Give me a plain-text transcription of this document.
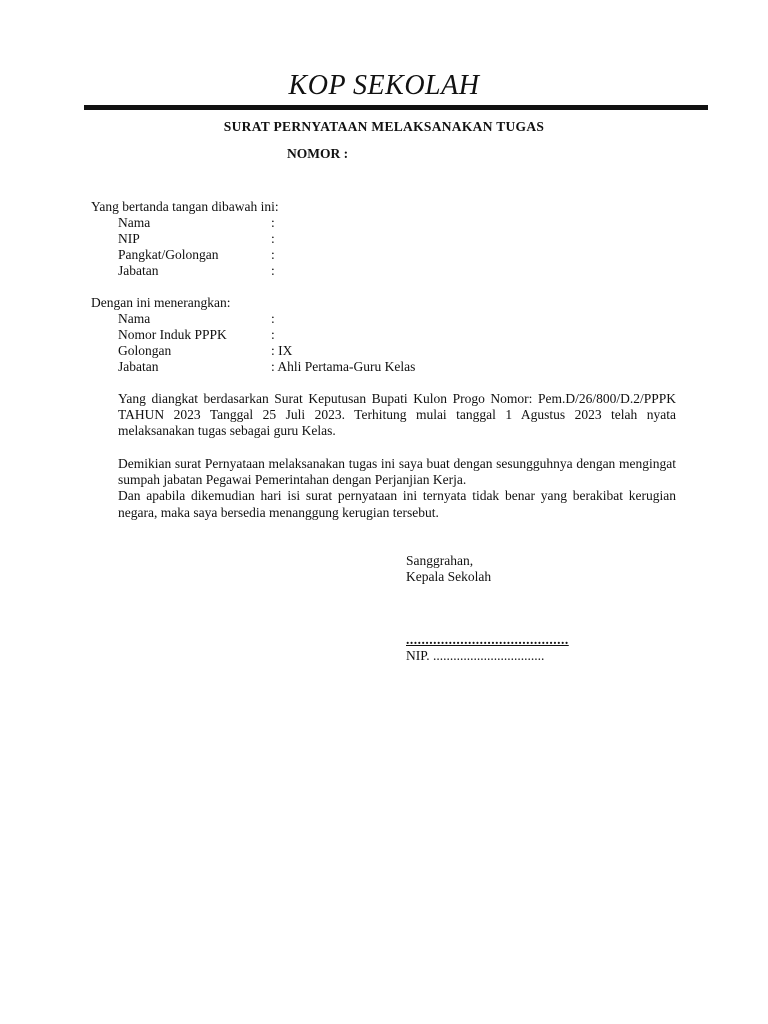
KOP SEKOLAH
SURAT PERNYATAAN MELAKSANAKAN TUGAS
NOMOR :
Yang bertanda tangan dibawah ini:
Nama	:
NIP	:
Pangkat/Golongan	:
Jabatan	:
Dengan ini menerangkan:
Nama	:
Nomor Induk PPPK	:
Golongan	: IX
Jabatan	: Ahli Pertama-Guru Kelas

Yang diangkat berdasarkan Surat Keputusan Bupati Kulon Progo Nomor: Pem.D/26/800/D.2/PPPK TAHUN 2023 Tanggal 25 Juli 2023. Terhitung mulai tanggal 1 Agustus 2023 telah nyata melaksanakan tugas sebagai guru Kelas.

Demikian surat Pernyataan melaksanakan tugas ini saya buat dengan sesungguhnya dengan mengingat sumpah jabatan Pegawai Pemerintahan dengan Perjanjian Kerja.

Dan apabila dikemudian hari isi surat pernyataan ini ternyata tidak benar yang berakibat kerugian negara, maka saya bersedia menanggung kerugian tersebut.

Sanggrahan,
Kepala Sekolah
..........................................
NIP. .................................
